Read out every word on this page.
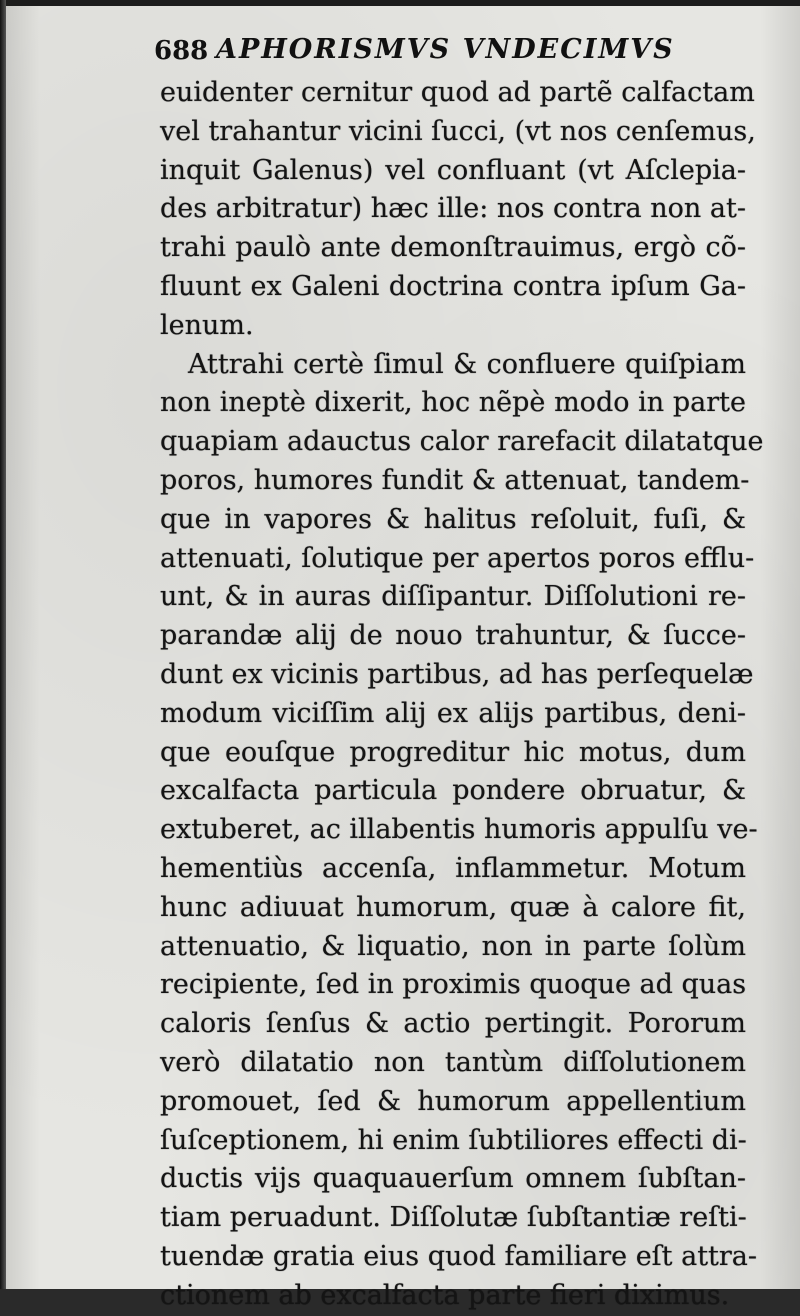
688 APHORISMVS VNDECIMVS
euidenter cernitur quod ad partẽ calfactam
vel trahantur vicini ſucci, (vt nos cenſemus,
inquit Galenus) vel confluant (vt Aſclepia-
des arbitratur) hæc ille: nos contra non at-
trahi paulò ante demonſtrauimus, ergò cõ-
fluunt ex Galeni doctrina contra ipſum Ga-
lenum.
Attrahi certè ſimul & confluere quiſpiam
non ineptè dixerit, hoc nẽpè modo in parte
quapiam adauctus calor rarefacit dilatatque
poros, humores fundit & attenuat, tandem-
que in vapores & halitus reſoluit, fuſi, &
attenuati, ſolutique per apertos poros efflu-
unt, & in auras diſſipantur. Diſſolutioni re-
parandæ alij de nouo trahuntur, & ſucce-
dunt ex vicinis partibus, ad has perſequelæ
modum viciſſim alij ex alijs partibus, deni-
que eouſque progreditur hic motus, dum
excalfacta particula pondere obruatur, &
extuberet, ac illabentis humoris appulſu ve-
hementiùs accenſa, inflammetur. Motum
hunc adiuuat humorum, quæ à calore fit,
attenuatio, & liquatio, non in parte ſolùm
recipiente, ſed in proximis quoque ad quas
caloris ſenſus & actio pertingit. Pororum
verò dilatatio non tantùm diſſolutionem
promouet, ſed & humorum appellentium
ſuſceptionem, hi enim ſubtiliores effecti di-
ductis vijs quaquauerſum omnem ſubſtan-
tiam peruadunt. Diſſolutæ ſubſtantiæ reſti-
tuendæ gratia eius quod familiare eſt attra-
ctionem ab excalfacta parte fieri diximus.
